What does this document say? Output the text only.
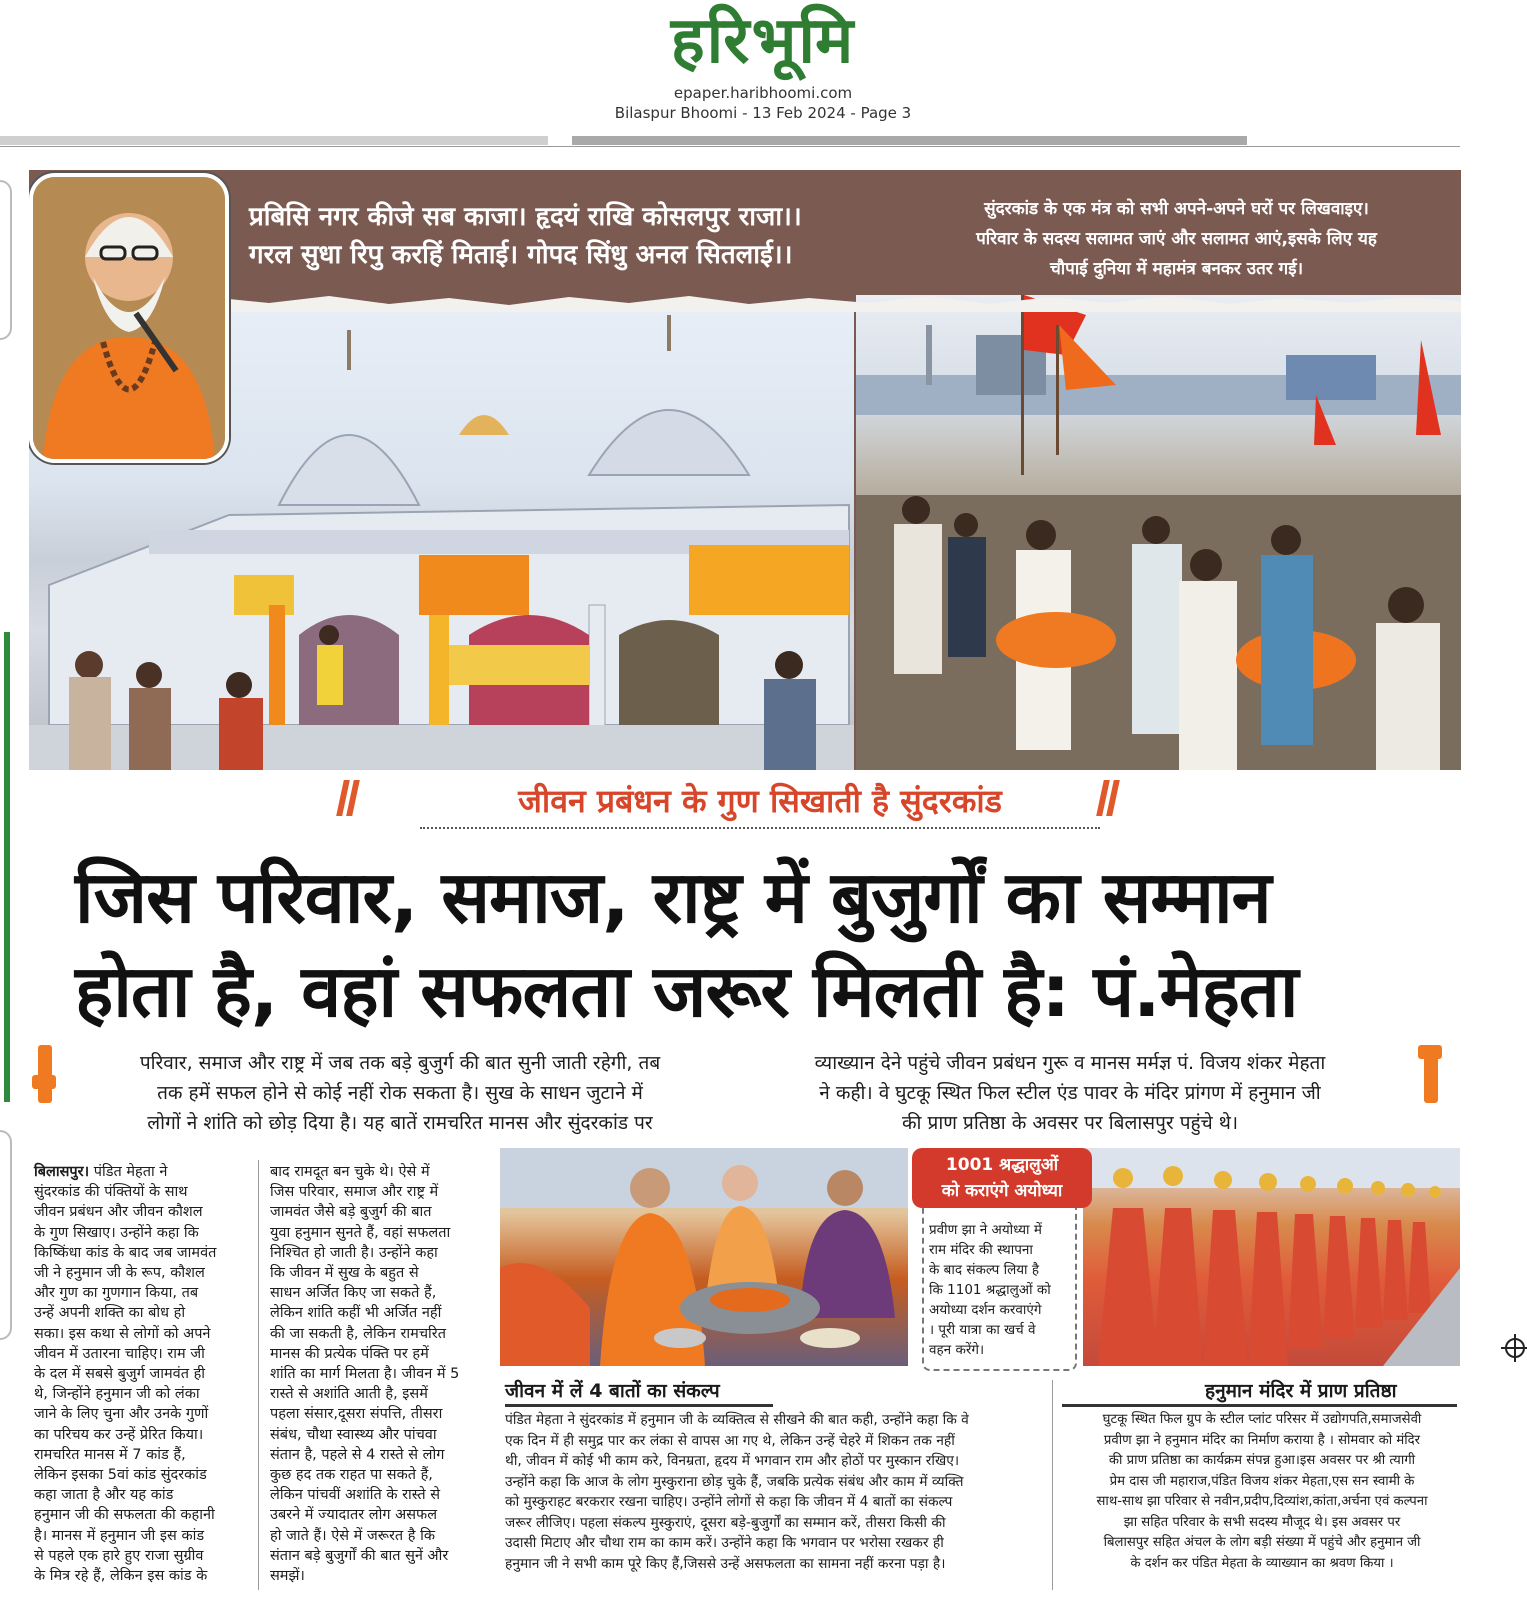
हरिभूमि
epaper.haribhoomi.com
Bilaspur Bhoomi - 13 Feb 2024 - Page 3
प्रबिसि नगर कीजे सब काजा। हृदयं राखि कोसलपुर राजा।।
गरल सुधा रिपु करहिं मिताई। गोपद सिंधु अनल सितलाई।।
सुंदरकांड के एक मंत्र को सभी अपने-अपने घरों पर लिखवाइए।
परिवार के सदस्य सलामत जाएं और सलामत आएं,इसके लिए यह
चौपाई दुनिया में महामंत्र बनकर उतर गई।
जीवन प्रबंधन के गुण सिखाती है सुंदरकांड
जिस परिवार, समाज, राष्ट्र में बुजुर्गों का सम्मान
होता है, वहां सफलता जरूर मिलती है: पं.मेहता
परिवार, समाज और राष्ट्र में जब तक बड़े बुजुर्ग की बात सुनी जाती रहेगी, तब
तक हमें सफल होने से कोई नहीं रोक सकता है। सुख के साधन जुटाने में
लोगों ने शांति को छोड़ दिया है। यह बातें रामचरित मानस और सुंदरकांड पर
व्याख्यान देने पहुंचे जीवन प्रबंधन गुरू व मानस मर्मज्ञ पं. विजय शंकर मेहता
ने कही। वे घुटकू स्थित फिल स्टील एंड पावर के मंदिर प्रांगण में हनुमान जी
की प्राण प्रतिष्ठा के अवसर पर बिलासपुर पहुंचे थे।
बिलासपुर। पंडित मेहता ने
सुंदरकांड की पंक्तियों के साथ
जीवन प्रबंधन और जीवन कौशल
के गुण सिखाए। उन्होंने कहा कि
किष्किंधा कांड के बाद जब जामवंत
जी ने हनुमान जी के रूप, कौशल
और गुण का गुणगान किया, तब
उन्हें अपनी शक्ति का बोध हो
सका। इस कथा से लोगों को अपने
जीवन में उतारना चाहिए। राम जी
के दल में सबसे बुजुर्ग जामवंत ही
थे, जिन्होंने हनुमान जी को लंका
जाने के लिए चुना और उनके गुणों
का परिचय कर उन्हें प्रेरित किया।
रामचरित मानस में 7 कांड हैं,
लेकिन इसका 5वां कांड सुंदरकांड
कहा जाता है और यह कांड
हनुमान जी की सफलता की कहानी
है। मानस में हनुमान जी इस कांड
से पहले एक हारे हुए राजा सुग्रीव
के मित्र रहे हैं, लेकिन इस कांड के
बाद रामदूत बन चुके थे। ऐसे में
जिस परिवार, समाज और राष्ट्र में
जामवंत जैसे बड़े बुजुर्ग की बात
युवा हनुमान सुनते हैं, वहां सफलता
निश्चित हो जाती है। उन्होंने कहा
कि जीवन में सुख के बहुत से
साधन अर्जित किए जा सकते हैं,
लेकिन शांति कहीं भी अर्जित नहीं
की जा सकती है, लेकिन रामचरित
मानस की प्रत्येक पंक्ति पर हमें
शांति का मार्ग मिलता है। जीवन में 5
रास्ते से अशांति आती है, इसमें
पहला संसार,दूसरा संपत्ति, तीसरा
संबंध, चौथा स्वास्थ्य और पांचवा
संतान है, पहले से 4 रास्ते से लोग
कुछ हद तक राहत पा सकते हैं,
लेकिन पांचवीं अशांति के रास्ते से
उबरने में ज्यादातर लोग असफल
हो जाते हैं। ऐसे में जरूरत है कि
संतान बड़े बुजुर्गों की बात सुनें और
समझें।
1001 श्रद्धालुओं
को कराएंगे अयोध्या
प्रवीण झा ने अयोध्या में
राम मंदिर की स्थापना
के बाद संकल्प लिया है
कि 1101 श्रद्धालुओं को
अयोध्या दर्शन करवाएंगे
। पूरी यात्रा का खर्च वे
वहन करेंगे।
जीवन में लें 4 बातों का संकल्प
पंडित मेहता ने सुंदरकांड में हनुमान जी के व्यक्तित्व से सीखने की बात कही, उन्होंने कहा कि वे
एक दिन में ही समुद्र पार कर लंका से वापस आ गए थे, लेकिन उन्हें चेहरे में शिकन तक नहीं
थी, जीवन में कोई भी काम करे, विनम्रता, हृदय में भगवान राम और होठों पर मुस्कान रखिए।
उन्होंने कहा कि आज के लोग मुस्कुराना छोड़ चुके हैं, जबकि प्रत्येक संबंध और काम में व्यक्ति
को मुस्कुराहट बरकरार रखना चाहिए। उन्होंने लोगों से कहा कि जीवन में 4 बातों का संकल्प
जरूर लीजिए। पहला संकल्प मुस्कुराएं, दूसरा बड़े-बुजुर्गों का सम्मान करें, तीसरा किसी की
उदासी मिटाए और चौथा राम का काम करें। उन्होंने कहा कि भगवान पर भरोसा रखकर ही
हनुमान जी ने सभी काम पूरे किए हैं,जिससे उन्हें असफलता का सामना नहीं करना पड़ा है।
हनुमान मंदिर में प्राण प्रतिष्ठा
घुटकू स्थित फिल ग्रुप के स्टील प्लांट परिसर में उद्योगपति,समाजसेवी
प्रवीण झा ने हनुमान मंदिर का निर्माण कराया है । सोमवार को मंदिर
की प्राण प्रतिष्ठा का कार्यक्रम संपन्न हुआ।इस अवसर पर श्री त्यागी
प्रेम दास जी महाराज,पंडित विजय शंकर मेहता,एस सन स्वामी के
साथ-साथ झा परिवार से नवीन,प्रदीप,दिव्यांश,कांता,अर्चना एवं कल्पना
झा सहित परिवार के सभी सदस्य मौजूद थे। इस अवसर पर
बिलासपुर सहित अंचल के लोग बड़ी संख्या में पहुंचे और हनुमान जी
के दर्शन कर पंडित मेहता के व्याख्यान का श्रवण किया ।
